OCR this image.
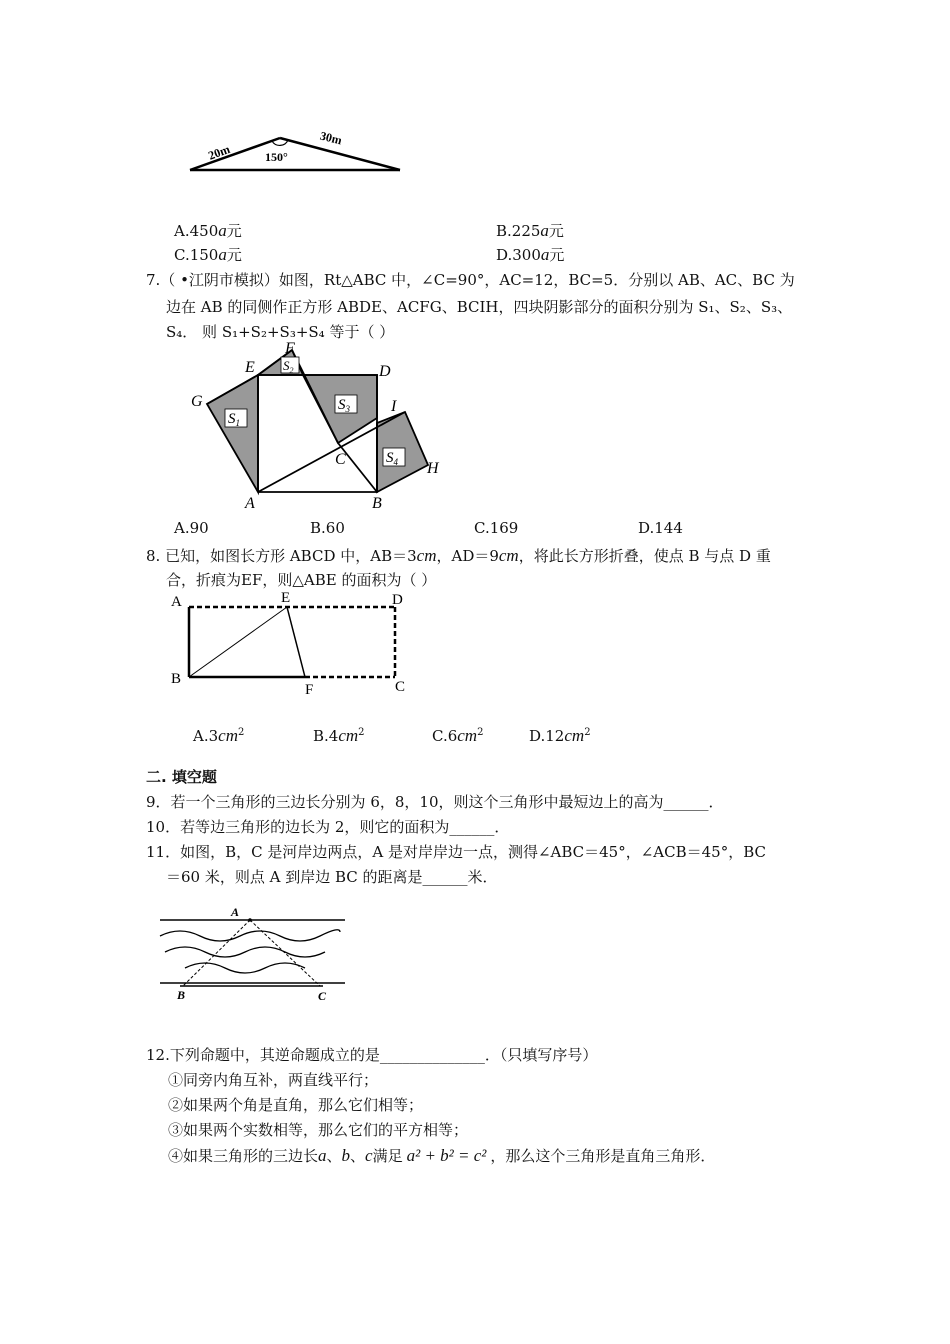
20m
30m
150°
A.450a元	B.225a元
C.150a元	D.300a元
7.（ •江阴市模拟）如图，Rt△ABC 中，∠C=90°，AC=12，BC=5．分别以 AB、AC、BC 为
边在 AB 的同侧作正方形 ABDE、ACFG、BCIH，四块阴影部分的面积分别为 S₁、S₂、S₃、
S₄． 则 S₁+S₂+S₃+S₄ 等于（ ）
$S_1$
$S_2$
$S_3$
$S_4$
A	B
C
D
E
F
G
H
I
A.90	B.60	C.169	D.144
8. 已知，如图长方形 ABCD 中，AB＝3cm，AD＝9cm，将此长方形折叠，使点 B 与点 D 重
合，折痕为EF，则△ABE 的面积为（ ）
A
B	C
D
E
F
$A.3cm^2$	$B.4cm^2$	$C.6cm^2$	$D.12cm^2$
二. 填空题
9．若一个三角形的三边长分别为 6，8，10，则这个三角形中最短边上的高为______．
10．若等边三角形的边长为 2，则它的面积为______．
11．如图，B，C 是河岸边两点，A 是对岸岸边一点，测得∠ABC＝45°，∠ACB＝45°，BC
＝60 米，则点 A 到岸边 BC 的距离是______米．
A
B	C
12.下列命题中，其逆命题成立的是______________．（只填写序号）
①同旁内角互补，两直线平行；
②如果两个角是直角，那么它们相等；
③如果两个实数相等，那么它们的平方相等；
④如果三角形的三边长a、b、c满足 a² + b² = c² ，那么这个三角形是直角三角形．
